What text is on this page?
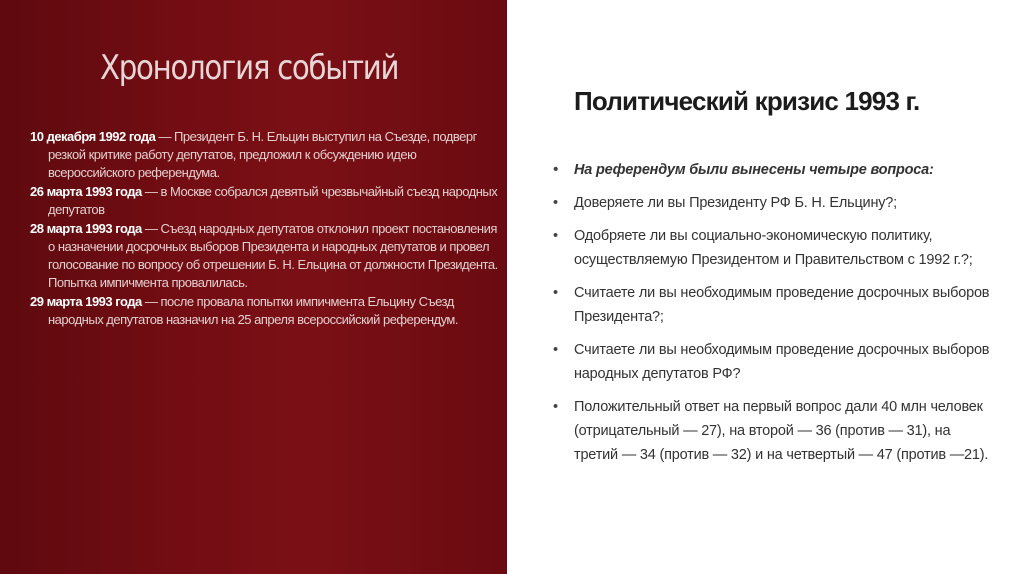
Хронология событий
10 декабря 1992 года — Президент Б. Н. Ельцин выступил на Съезде, подверг резкой критике работу депутатов, предложил к обсуждению идею всероссийского референдума.
26 марта 1993 года — в Москве собрался девятый чрезвычайный съезд народных депутатов
28 марта 1993 года — Съезд народных депутатов отклонил проект постановления о назначении досрочных выборов Президента и народных депутатов и провел голосование по вопросу об отрешении Б. Н. Ельцина от должности Президента. Попытка импичмента провалилась.
29 марта 1993 года — после провала попытки импичмента Ельцину Съезд народных депутатов назначил на 25 апреля всероссийский референдум.
Политический кризис 1993 г.
• На референдум были вынесены четыре вопроса:
• Доверяете ли вы Президенту РФ Б. Н. Ельцину?;
• Одобряете ли вы социально-экономическую политику, осуществляемую Президентом и Правительством с 1992 г.?;
• Считаете ли вы необходимым проведение досрочных выборов Президента?;
• Считаете ли вы необходимым проведение досрочных выборов народных депутатов РФ?
• Положительный ответ на первый вопрос дали 40 млн человек (отрицательный — 27), на второй — 36 (против — 31), на третий — 34 (против — 32) и на четвертый — 47 (против —21).
